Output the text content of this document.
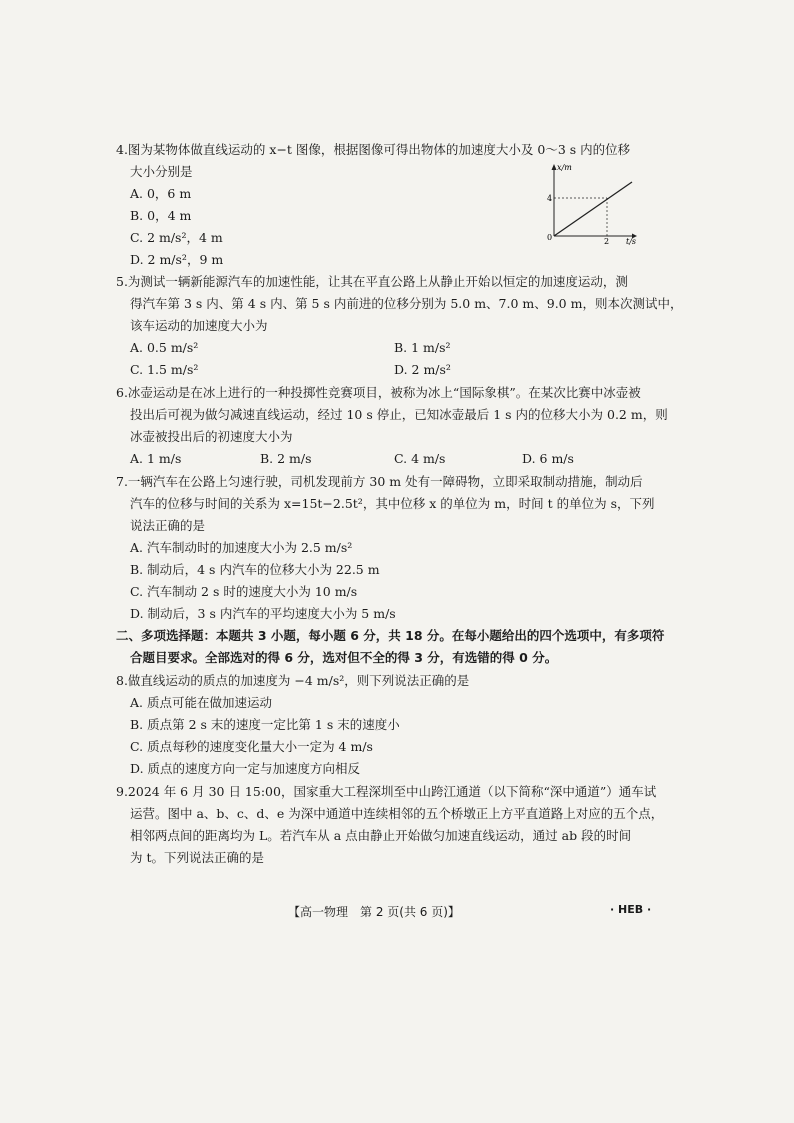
4.图为某物体做直线运动的 x−t 图像，根据图像可得出物体的加速度大小及 0～3 s 内的位移
大小分别是
A. 0，6 m
B. 0，4 m
C. 2 m/s²，4 m
D. 2 m/s²，9 m
5.为测试一辆新能源汽车的加速性能，让其在平直公路上从静止开始以恒定的加速度运动，测
得汽车第 3 s 内、第 4 s 内、第 5 s 内前进的位移分别为 5.0 m、7.0 m、9.0 m，则本次测试中，
该车运动的加速度大小为
A. 0.5 m/s²	B. 1 m/s²
C. 1.5 m/s²	D. 2 m/s²
6.冰壶运动是在冰上进行的一种投掷性竞赛项目，被称为冰上“国际象棋”。在某次比赛中冰壶被
投出后可视为做匀减速直线运动，经过 10 s 停止，已知冰壶最后 1 s 内的位移大小为 0.2 m，则
冰壶被投出后的初速度大小为
A. 1 m/s	B. 2 m/s	C. 4 m/s	D. 6 m/s
7.一辆汽车在公路上匀速行驶，司机发现前方 30 m 处有一障碍物，立即采取制动措施，制动后
汽车的位移与时间的关系为 x=15t−2.5t²，其中位移 x 的单位为 m，时间 t 的单位为 s，下列
说法正确的是
A. 汽车制动时的加速度大小为 2.5 m/s²
B. 制动后，4 s 内汽车的位移大小为 22.5 m
C. 汽车制动 2 s 时的速度大小为 10 m/s
D. 制动后，3 s 内汽车的平均速度大小为 5 m/s
二、多项选择题：本题共 3 小题，每小题 6 分，共 18 分。在每小题给出的四个选项中，有多项符
合题目要求。全部选对的得 6 分，选对但不全的得 3 分，有选错的得 0 分。
8.做直线运动的质点的加速度为 −4 m/s²，则下列说法正确的是
A. 质点可能在做加速运动
B. 质点第 2 s 末的速度一定比第 1 s 末的速度小
C. 质点每秒的速度变化量大小一定为 4 m/s
D. 质点的速度方向一定与加速度方向相反
9.2024 年 6 月 30 日 15:00，国家重大工程深圳至中山跨江通道（以下简称“深中通道”）通车试
运营。图中 a、b、c、d、e 为深中通道中连续相邻的五个桥墩正上方平直道路上对应的五个点，
相邻两点间的距离均为 L。若汽车从 a 点由静止开始做匀加速直线运动，通过 ab 段的时间
为 t。下列说法正确的是
x/m
t/s
4
2
0
【高一物理　第 2 页(共 6 页)】	· HEB ·
